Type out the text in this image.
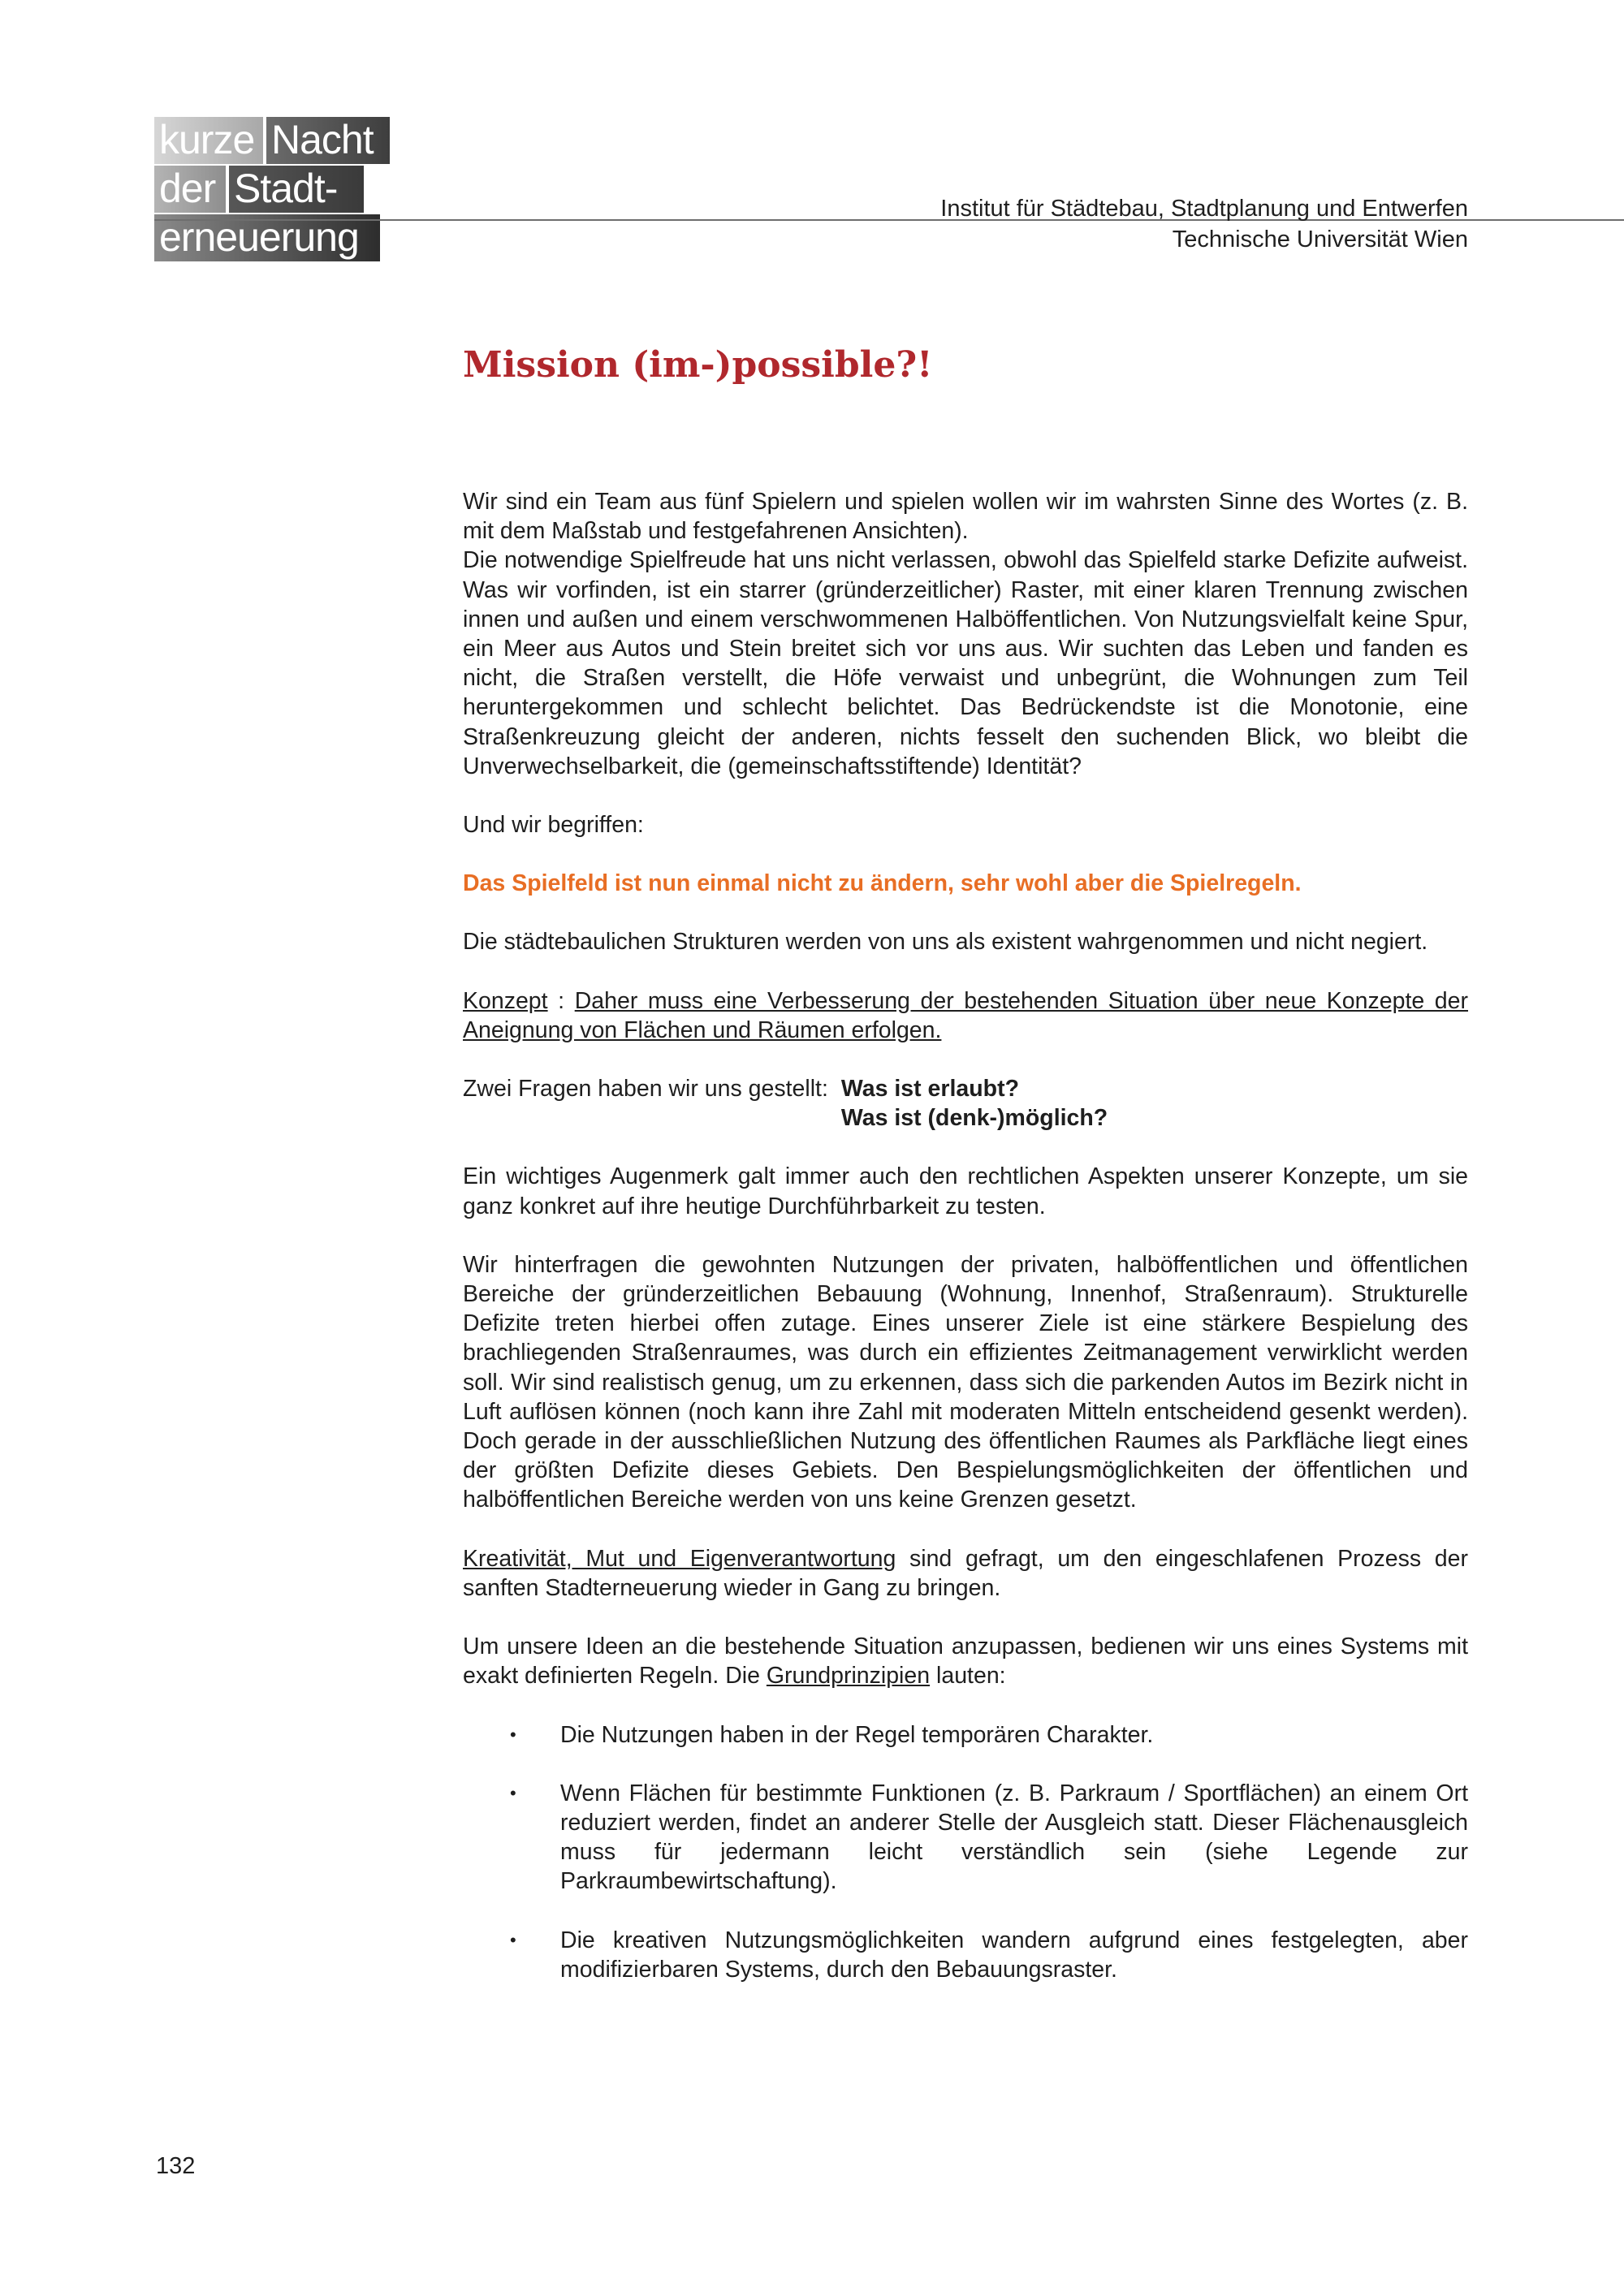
kurze Nacht
der Stadt-
erneuerung
Institut für Städtebau, Stadtplanung und Entwerfen
Technische Universität Wien
Mission (im-)possible?!

Wir sind ein Team aus fünf Spielern und spielen wollen wir im wahrsten Sinne des Wortes (z. B. mit dem Maßstab und festgefahrenen Ansichten).

Die notwendige Spielfreude hat uns nicht verlassen, obwohl das Spielfeld starke Defizite aufweist. Was wir vorfinden, ist ein starrer (gründerzeitlicher) Raster, mit einer klaren Trennung zwischen innen und außen und einem verschwommenen Halböffentlichen. Von Nutzungsvielfalt keine Spur, ein Meer aus Autos und Stein breitet sich vor uns aus. Wir suchten das Leben und fanden es nicht, die Straßen verstellt, die Höfe verwaist und unbegrünt, die Wohnungen zum Teil heruntergekommen und schlecht belichtet. Das Bedrückendste ist die Monotonie, eine Straßenkreuzung gleicht der anderen, nichts fesselt den suchenden Blick, wo bleibt die Unverwechselbarkeit, die (gemeinschaftsstiftende) Identität?

Und wir begriffen:

Das Spielfeld ist nun einmal nicht zu ändern, sehr wohl aber die Spielregeln.

Die städtebaulichen Strukturen werden von uns als existent wahrgenommen und nicht negiert.

Konzept : Daher muss eine Verbesserung der bestehenden Situation über neue Konzepte der Aneignung von Flächen und Räumen erfolgen.

Zwei Fragen haben wir uns gestellt: Was ist erlaubt?
Was ist (denk-)möglich?

Ein wichtiges Augenmerk galt immer auch den rechtlichen Aspekten unserer Konzepte, um sie ganz konkret auf ihre heutige Durchführbarkeit zu testen.

Wir hinterfragen die gewohnten Nutzungen der privaten, halböffentlichen und öffentlichen Bereiche der gründerzeitlichen Bebauung (Wohnung, Innenhof, Straßenraum). Strukturelle Defizite treten hierbei offen zutage. Eines unserer Ziele ist eine stärkere Bespielung des brachliegenden Straßenraumes, was durch ein effizientes Zeitmanagement verwirklicht werden soll. Wir sind realistisch genug, um zu erkennen, dass sich die parkenden Autos im Bezirk nicht in Luft auflösen können (noch kann ihre Zahl mit moderaten Mitteln entscheidend gesenkt werden). Doch gerade in der ausschließlichen Nutzung des öffentlichen Raumes als Parkfläche liegt eines der größten Defizite dieses Gebiets. Den Bespielungsmöglichkeiten der öffentlichen und halböffentlichen Bereiche werden von uns keine Grenzen gesetzt.

Kreativität, Mut und Eigenverantwortung sind gefragt, um den eingeschlafenen Prozess der sanften Stadterneuerung wieder in Gang zu bringen.

Um unsere Ideen an die bestehende Situation anzupassen, bedienen wir uns eines Systems mit exakt definierten Regeln. Die Grundprinzipien lauten:

• Die Nutzungen haben in der Regel temporären Charakter.
• Wenn Flächen für bestimmte Funktionen (z. B. Parkraum / Sportflächen) an einem Ort reduziert werden, findet an anderer Stelle der Ausgleich statt. Dieser Flächenausgleich muss für jedermann leicht verständlich sein (siehe Legende zur Parkraumbewirtschaftung).
• Die kreativen Nutzungsmöglichkeiten wandern aufgrund eines festgelegten, aber modifizierbaren Systems, durch den Bebauungsraster.
132
